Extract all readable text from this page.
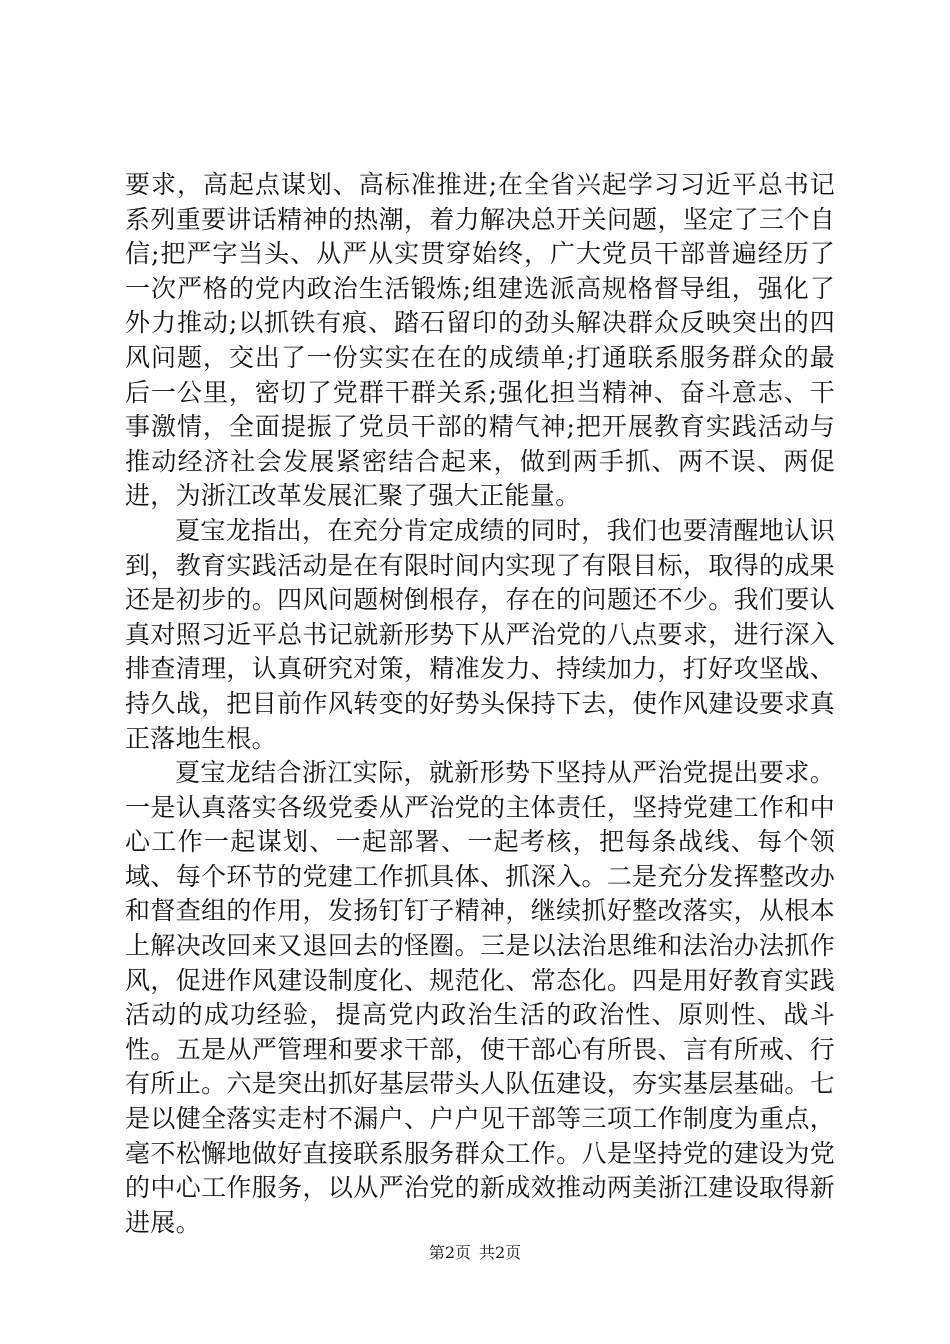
要求，高起点谋划、高标准推进;在全省兴起学习习近平总书记系列重要讲话精神的热潮，着力解决总开关问题，坚定了三个自信;把严字当头、从严从实贯穿始终，广大党员干部普遍经历了一次严格的党内政治生活锻炼;组建选派高规格督导组，强化了外力推动;以抓铁有痕、踏石留印的劲头解决群众反映突出的四风问题，交出了一份实实在在的成绩单;打通联系服务群众的最后一公里，密切了党群干群关系;强化担当精神、奋斗意志、干事激情，全面提振了党员干部的精气神;把开展教育实践活动与推动经济社会发展紧密结合起来，做到两手抓、两不误、两促进，为浙江改革发展汇聚了强大正能量。

夏宝龙指出，在充分肯定成绩的同时，我们也要清醒地认识到，教育实践活动是在有限时间内实现了有限目标，取得的成果还是初步的。四风问题树倒根存，存在的问题还不少。我们要认真对照习近平总书记就新形势下从严治党的八点要求，进行深入排查清理，认真研究对策，精准发力、持续加力，打好攻坚战、持久战，把目前作风转变的好势头保持下去，使作风建设要求真正落地生根。

夏宝龙结合浙江实际，就新形势下坚持从严治党提出要求。一是认真落实各级党委从严治党的主体责任，坚持党建工作和中心工作一起谋划、一起部署、一起考核，把每条战线、每个领域、每个环节的党建工作抓具体、抓深入。二是充分发挥整改办和督查组的作用，发扬钉钉子精神，继续抓好整改落实，从根本上解决改回来又退回去的怪圈。三是以法治思维和法治办法抓作风，促进作风建设制度化、规范化、常态化。四是用好教育实践活动的成功经验，提高党内政治生活的政治性、原则性、战斗性。五是从严管理和要求干部，使干部心有所畏、言有所戒、行有所止。六是突出抓好基层带头人队伍建设，夯实基层基础。七是以健全落实走村不漏户、户户见干部等三项工作制度为重点，毫不松懈地做好直接联系服务群众工作。八是坚持党的建设为党的中心工作服务，以从严治党的新成效推动两美浙江建设取得新进展。

第2页 共2页
